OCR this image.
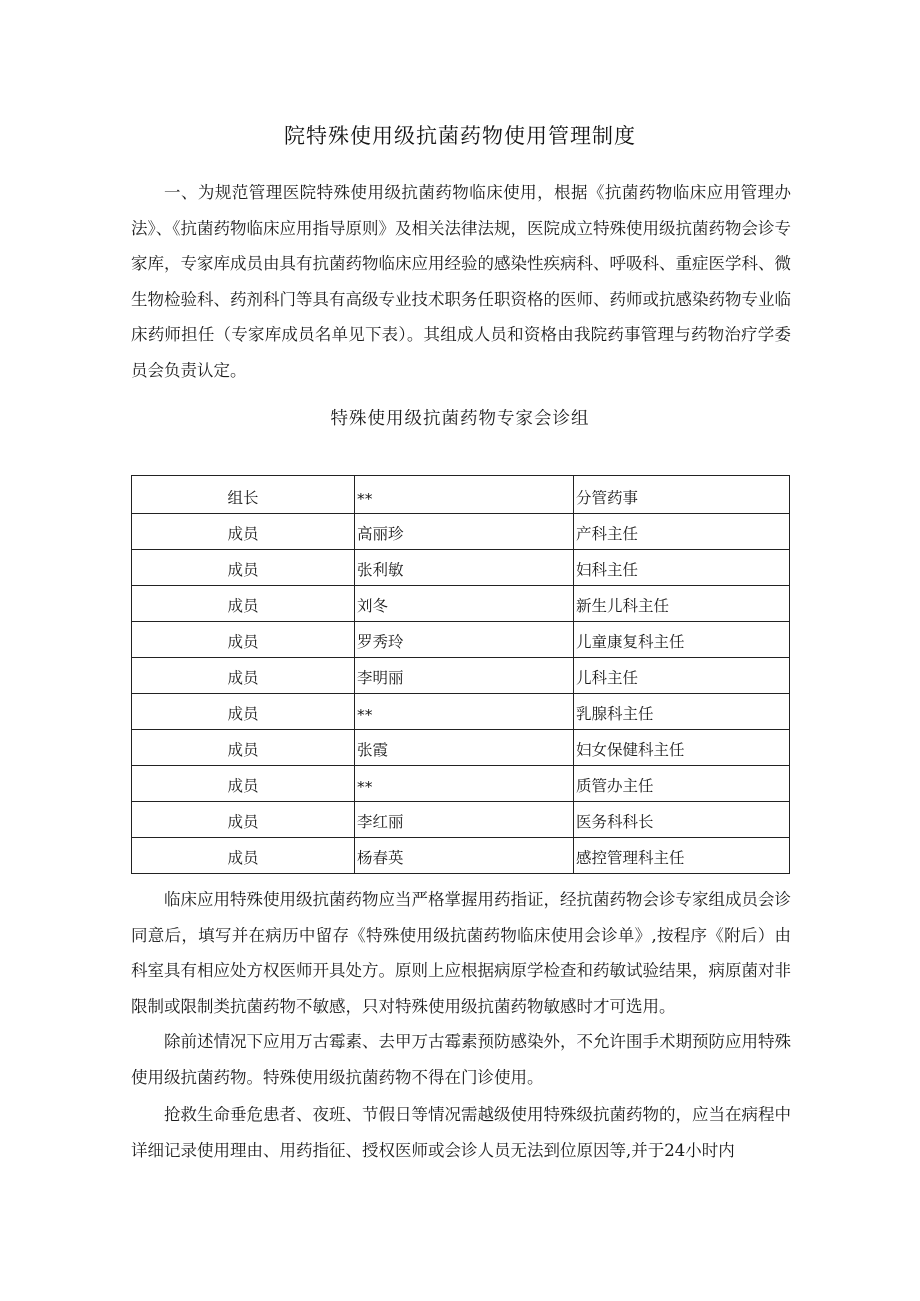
院特殊使用级抗菌药物使用管理制度

一、为规范管理医院特殊使用级抗菌药物临床使用，根据《抗菌药物临床应用管理办法》、《抗菌药物临床应用指导原则》及相关法律法规，医院成立特殊使用级抗菌药物会诊专家库，专家库成员由具有抗菌药物临床应用经验的感染性疾病科、呼吸科、重症医学科、微生物检验科、药剂科门等具有高级专业技术职务任职资格的医师、药师或抗感染药物专业临床药师担任（专家库成员名单见下表）。其组成人员和资格由我院药事管理与药物治疗学委员会负责认定。

特殊使用级抗菌药物专家会诊组
组长	**	分管药事
成员	高丽珍	产科主任
成员	张利敏	妇科主任
成员	刘冬	新生儿科主任
成员	罗秀玲	儿童康复科主任
成员	李明丽	儿科主任
成员	**	乳腺科主任
成员	张霞	妇女保健科主任
成员	**	质管办主任
成员	李红丽	医务科科长
成员	杨春英	感控管理科主任

临床应用特殊使用级抗菌药物应当严格掌握用药指证，经抗菌药物会诊专家组成员会诊同意后，填写并在病历中留存《特殊使用级抗菌药物临床使用会诊单》,按程序《附后）由科室具有相应处方权医师开具处方。原则上应根据病原学检查和药敏试验结果，病原菌对非限制或限制类抗菌药物不敏感，只对特殊使用级抗菌药物敏感时才可选用。

除前述情况下应用万古霉素、去甲万古霉素预防感染外，不允许围手术期预防应用特殊使用级抗菌药物。特殊使用级抗菌药物不得在门诊使用。

抢救生命垂危患者、夜班、节假日等情况需越级使用特殊级抗菌药物的，应当在病程中详细记录使用理由、用药指征、授权医师或会诊人员无法到位原因等,并于24小时内
